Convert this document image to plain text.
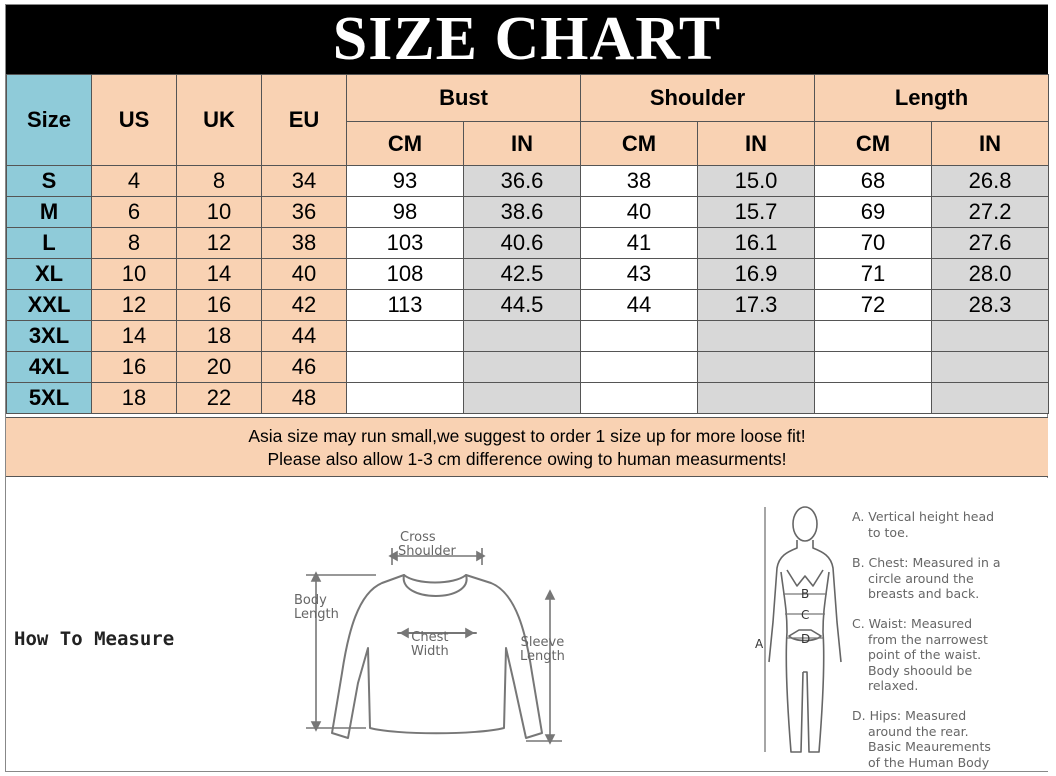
SIZE CHART
Size	US	UK	EU	Bust		Shoulder		Length	
				CM	IN	CM	IN	CM	IN
S	4	8	34	93	36.6	38	15.0	68	26.8
M	6	10	36	98	38.6	40	15.7	69	27.2
L	8	12	38	103	40.6	41	16.1	70	27.6
XL	10	14	40	108	42.5	43	16.9	71	28.0
XXL	12	16	42	113	44.5	44	17.3	72	28.3
3XL	14	18	44						
4XL	16	20	46						
5XL	18	22	48						
Asia size may run small,we suggest to order 1 size up for more loose fit!
Please also allow 1-3 cm difference owing to human measurments!
How To Measure
Cross
Shoulder
Body
Length
Chest
Width
Sleeve
Length
A
B
C
D
A. Vertical height head
to toe.
B. Chest: Measured in a
circle around the
breasts and back.
C. Waist: Measured
from the narrowest
point of the waist.
Body shoould be
relaxed.
D. Hips: Measured
around the rear.
Basic Meaurements
of the Human Body
